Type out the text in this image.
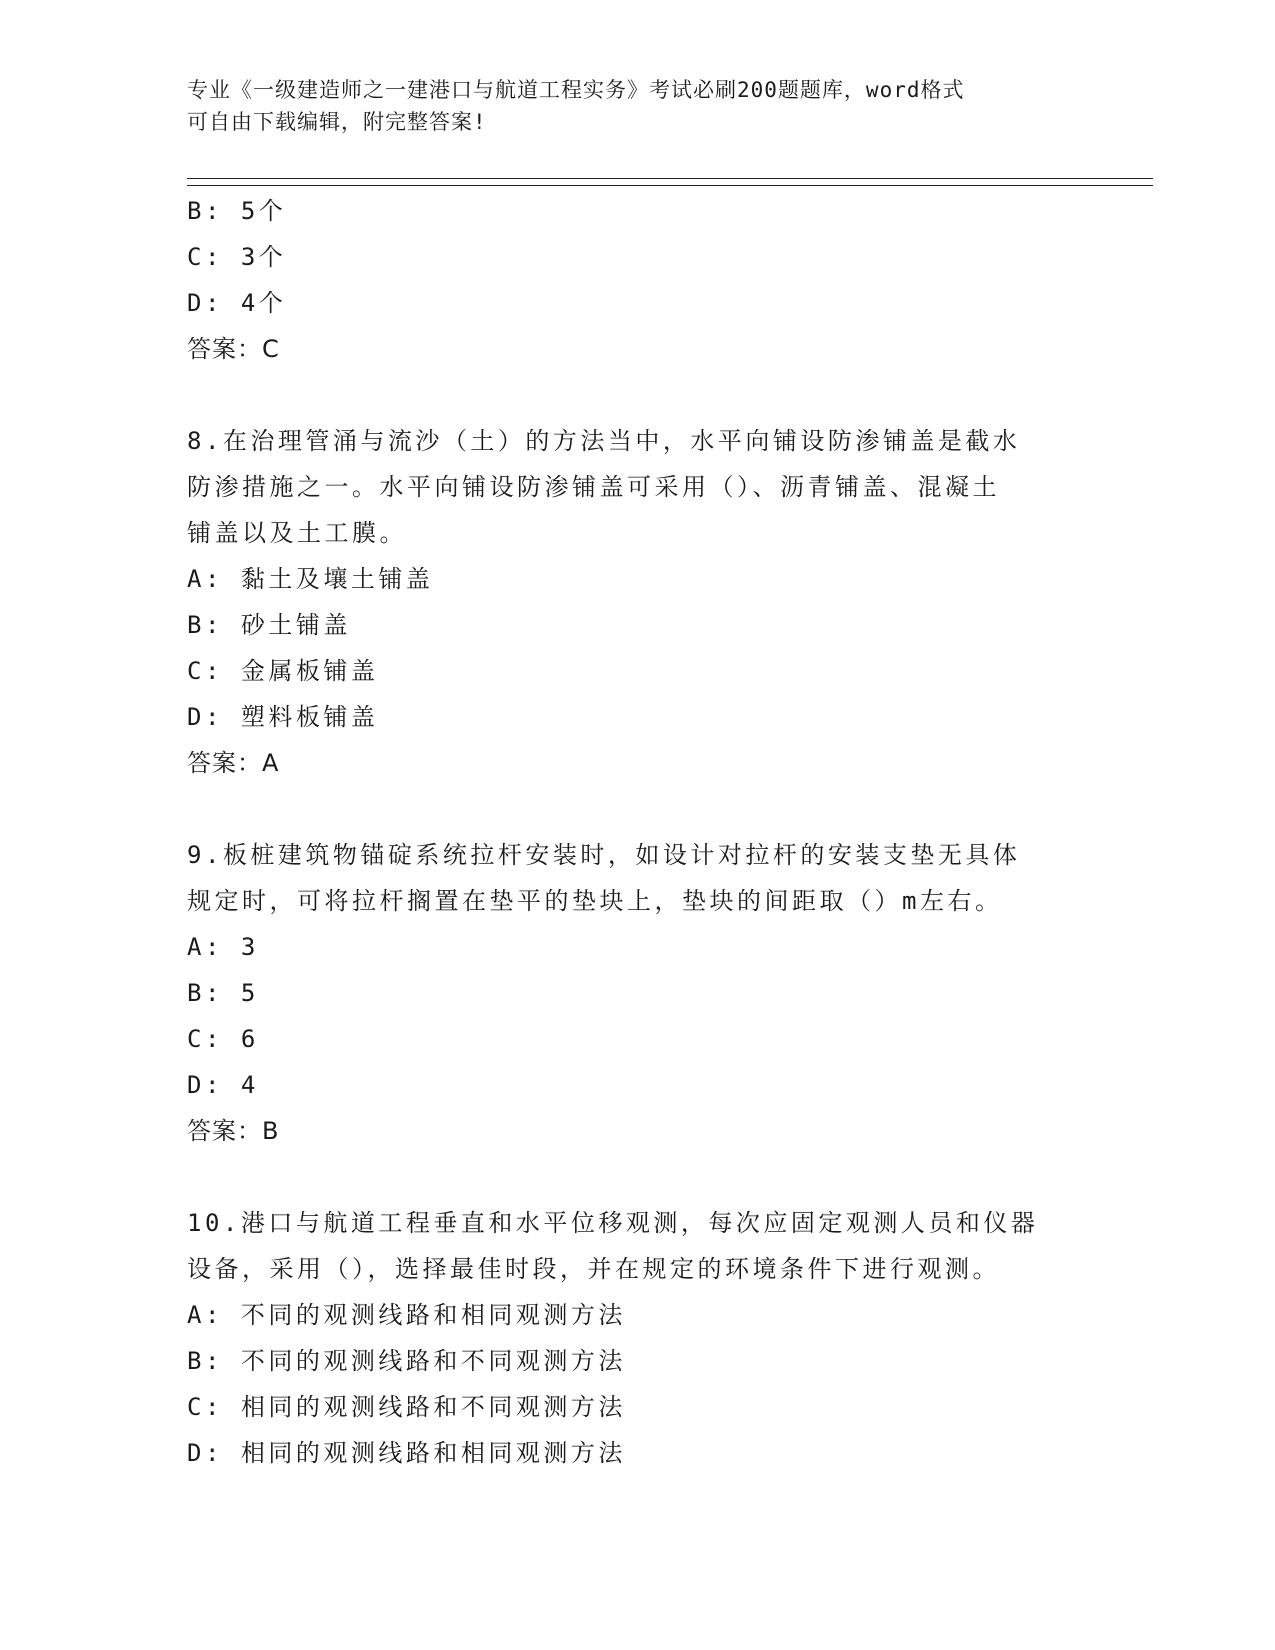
专业《一级建造师之一建港口与航道工程实务》考试必刷200题题库，word格式
可自由下载编辑，附完整答案!
B: 5个
C: 3个
D: 4个
答案：C
8.在治理管涌与流沙（土）的方法当中，水平向铺设防渗铺盖是截水
防渗措施之一。水平向铺设防渗铺盖可采用（）、沥青铺盖、混凝土
铺盖以及土工膜。
A: 黏土及壤土铺盖
B: 砂土铺盖
C: 金属板铺盖
D: 塑料板铺盖
答案：A
9.板桩建筑物锚碇系统拉杆安装时，如设计对拉杆的安装支垫无具体
规定时，可将拉杆搁置在垫平的垫块上，垫块的间距取（）m左右。
A: 3
B: 5
C: 6
D: 4
答案：B
10.港口与航道工程垂直和水平位移观测，每次应固定观测人员和仪器
设备，采用（），选择最佳时段，并在规定的环境条件下进行观测。
A: 不同的观测线路和相同观测方法
B: 不同的观测线路和不同观测方法
C: 相同的观测线路和不同观测方法
D: 相同的观测线路和相同观测方法
